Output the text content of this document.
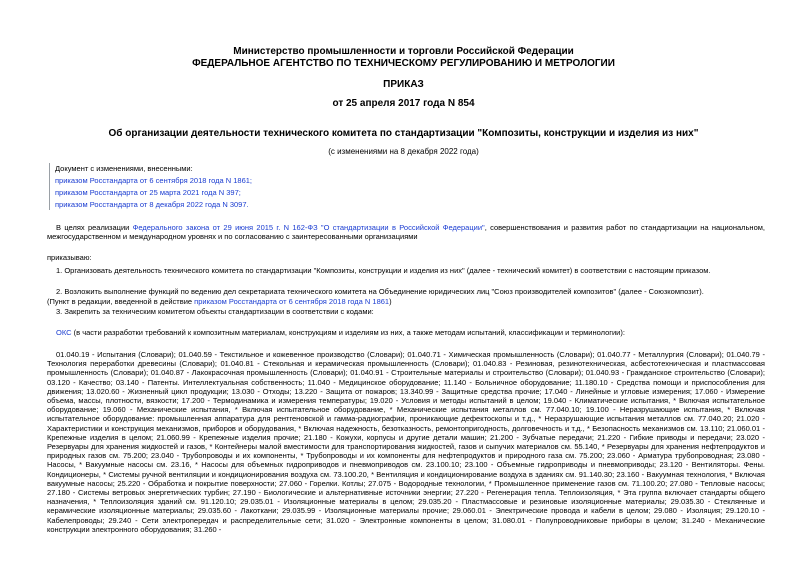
Министерство промышленности и торговли Российской Федерации
ФЕДЕРАЛЬНОЕ АГЕНТСТВО ПО ТЕХНИЧЕСКОМУ РЕГУЛИРОВАНИЮ И МЕТРОЛОГИИ
ПРИКАЗ
от 25 апреля 2017 года N 854
Об организации деятельности технического комитета по стандартизации "Композиты, конструкции и изделия из них"
(с изменениями на 8 декабря 2022 года)
Документ с изменениями, внесенными:
приказом Росстандарта от 6 сентября 2018 года N 1861;
приказом Росстандарта от 25 марта 2021 года N 397;
приказом Росстандарта от 8 декабря 2022 года N 3097.
В целях реализации Федерального закона от 29 июня 2015 г. N 162-ФЗ "О стандартизации в Российской Федерации", совершенствования и развития работ по стандартизации на национальном, межгосударственном и международном уровнях и по согласованию с заинтересованными организациями
приказываю:
1. Организовать деятельность технического комитета по стандартизации "Композиты, конструкции и изделия из них" (далее - технический комитет) в соответствии с настоящим приказом.
2. Возложить выполнение функций по ведению дел секретариата технического комитета на Объединение юридических лиц "Союз производителей композитов" (далее - Союзкомпозит).
(Пункт в редакции, введенной в действие приказом Росстандарта от 6 сентября 2018 года N 1861)
3. Закрепить за техническим комитетом объекты стандартизации в соответствии с кодами:
ОКС (в части разработки требований к композитным материалам, конструкциям и изделиям из них, а также методам испытаний, классификации и терминологии):
01.040.19 - Испытания (Словари); 01.040.59 - Текстильное и кожевенное производство (Словари); 01.040.71 - Химическая промышленность (Словари); 01.040.77 - Металлургия (Словари); 01.040.79 - Технология переработки древесины (Словари); 01.040.81 - Стекольная и керамическая промышленность (Словари); 01.040.83 - Резиновая, резинотехническая, асбестотехническая и пластмассовая промышленность (Словари); 01.040.87 - Лакокрасочная промышленность (Словари); 01.040.91 - Строительные материалы и строительство (Словари); 01.040.93 - Гражданское строительство (Словари); 03.120 - Качество; 03.140 - Патенты. Интеллектуальная собственность; 11.040 - Медицинское оборудование; 11.140 - Больничное оборудование; 11.180.10 - Средства помощи и приспособления для движения; 13.020.60 - Жизненный цикл продукции; 13.030 - Отходы; 13.220 - Защита от пожаров; 13.340.99 - Защитные средства прочие; 17.040 - Линейные и угловые измерения; 17.060 - Измерение объема, массы, плотности, вязкости; 17.200 - Термодинамика и измерения температуры; 19.020 - Условия и методы испытаний в целом; 19.040 - Климатические испытания, * Включая испытательное оборудование; 19.060 - Механические испытания, * Включая испытательное оборудование, * Механические испытания металлов см. 77.040.10; 19.100 - Неразрушающие испытания, * Включая испытательное оборудование: промышленная аппаратура для рентгеновской и гамма-радиографии, проникающие дефектоскопы и т.д., * Неразрушающие испытания металлов см. 77.040.20; 21.020 - Характеристики и конструкция механизмов, приборов и оборудования, * Включая надежность, безотказность, ремонтопригодность, долговечность и т.д., * Безопасность механизмов см. 13.110; 21.060.01 - Крепежные изделия в целом; 21.060.99 - Крепежные изделия прочие; 21.180 - Кожухи, корпусы и другие детали машин; 21.200 - Зубчатые передачи; 21.220 - Гибкие приводы и передачи; 23.020 - Резервуары для хранения жидкостей и газов, * Контейнеры малой вместимости для транспортирования жидкостей, газов и сыпучих материалов см. 55.140, * Резервуары для хранения нефтепродуктов и природных газов см. 75.200; 23.040 - Трубопроводы и их компоненты, * Трубопроводы и их компоненты для нефтепродуктов и природного газа см. 75.200; 23.060 - Арматура трубопроводная; 23.080 - Насосы, * Вакуумные насосы см. 23.16, * Насосы для объемных гидроприводов и пневмоприводов см. 23.100.10; 23.100 - Объемные гидроприводы и пневмоприводы; 23.120 - Вентиляторы. Фены. Кондиционеры, * Системы ручной вентиляции и кондиционирования воздуха см. 73.100.20, * Вентиляция и кондиционирование воздуха в зданиях см. 91.140.30; 23.160 - Вакуумная технология, * Включая вакуумные насосы; 25.220 - Обработка и покрытие поверхности; 27.060 - Горелки. Котлы; 27.075 - Водородные технологии, * Промышленное применение газов см. 71.100.20; 27.080 - Тепловые насосы; 27.180 - Системы ветровых энергетических турбин; 27.190 - Биологические и альтернативные источники энергии; 27.220 - Регенерация тепла. Теплоизоляция, * Эта группа включает стандарты общего назначения, * Теплоизоляция зданий см. 91.120.10; 29.035.01 - Изоляционные материалы в целом; 29.035.20 - Пластмассовые и резиновые изоляционные материалы; 29.035.30 - Стеклянные и керамические изоляционные материалы; 29.035.60 - Лакоткани; 29.035.99 - Изоляционные материалы прочие; 29.060.01 - Электрические провода и кабели в целом; 29.080 - Изоляция; 29.120.10 - Кабелепроводы; 29.240 - Сети электропередач и распределительные сети; 31.020 - Электронные компоненты в целом; 31.080.01 - Полупроводниковые приборы в целом; 31.240 - Механические конструкции электронного оборудования; 31.260 -
